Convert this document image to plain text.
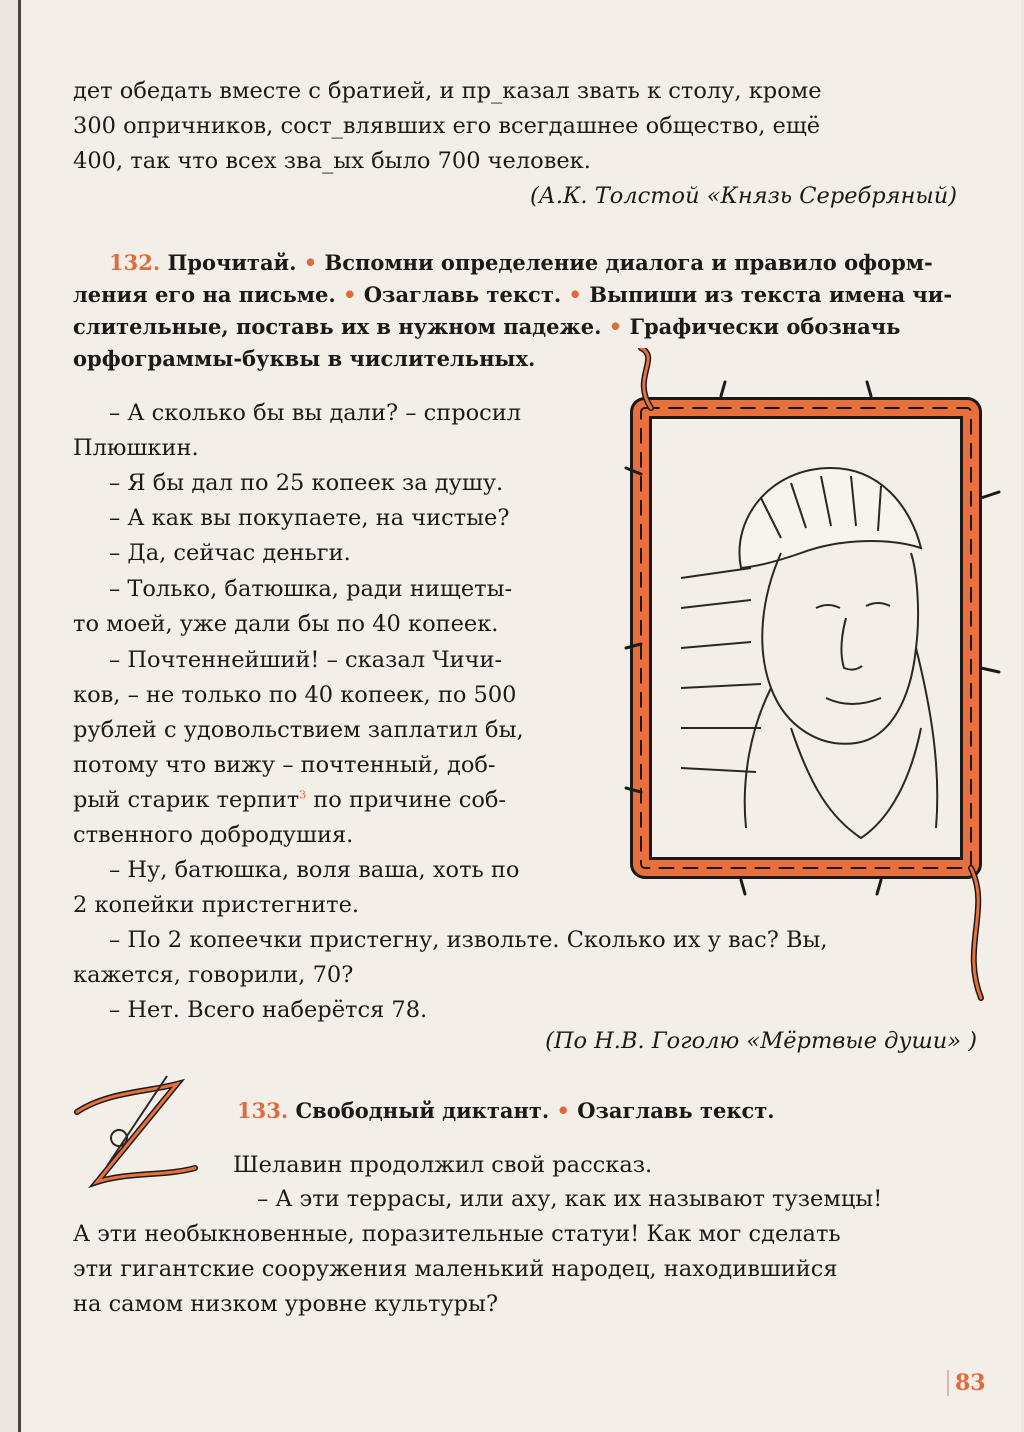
дет обедать вместе с братией, и пр_казал звать к столу, кроме
300 опричников, сост_влявших его всегдашнее общество, ещё
400, так что всех зва_ых было 700 человек.
(А.К. Толстой «Князь Серебряный)
132. Прочитай. • Вспомни определение диалога и правило оформ-
ления его на письме. • Озаглавь текст. • Выпиши из текста имена чи-
слительные, поставь их в нужном падеже. • Графически обозначь
орфограммы-буквы в числительных.
– А сколько бы вы дали? – спросил
Плюшкин.
– Я бы дал по 25 копеек за душу.
– А как вы покупаете, на чистые?
– Да, сейчас деньги.
– Только, батюшка, ради нищеты-
то моей, уже дали бы по 40 копеек.
– Почтеннейший! – сказал Чичи-
ков, – не только по 40 копеек, по 500
рублей с удовольствием заплатил бы,
потому что вижу – почтенный, доб-
рый старик терпит$^3$ по причине соб-
ственного добродушия.
– Ну, батюшка, воля ваша, хоть по
2 копейки пристегните.
– По 2 копеечки пристегну, извольте. Сколько их у вас? Вы,
кажется, говорили, 70?
– Нет. Всего наберётся 78.
(По Н.В. Гоголю «Мёртвые души» )
133. Свободный диктант. • Озаглавь текст.
Шелавин продолжил свой рассказ.
– А эти террасы, или аху, как их называют туземцы!
А эти необыкновенные, поразительные статуи! Как мог сделать
эти гигантские сооружения маленький народец, находившийся
на самом низком уровне культуры?
83
